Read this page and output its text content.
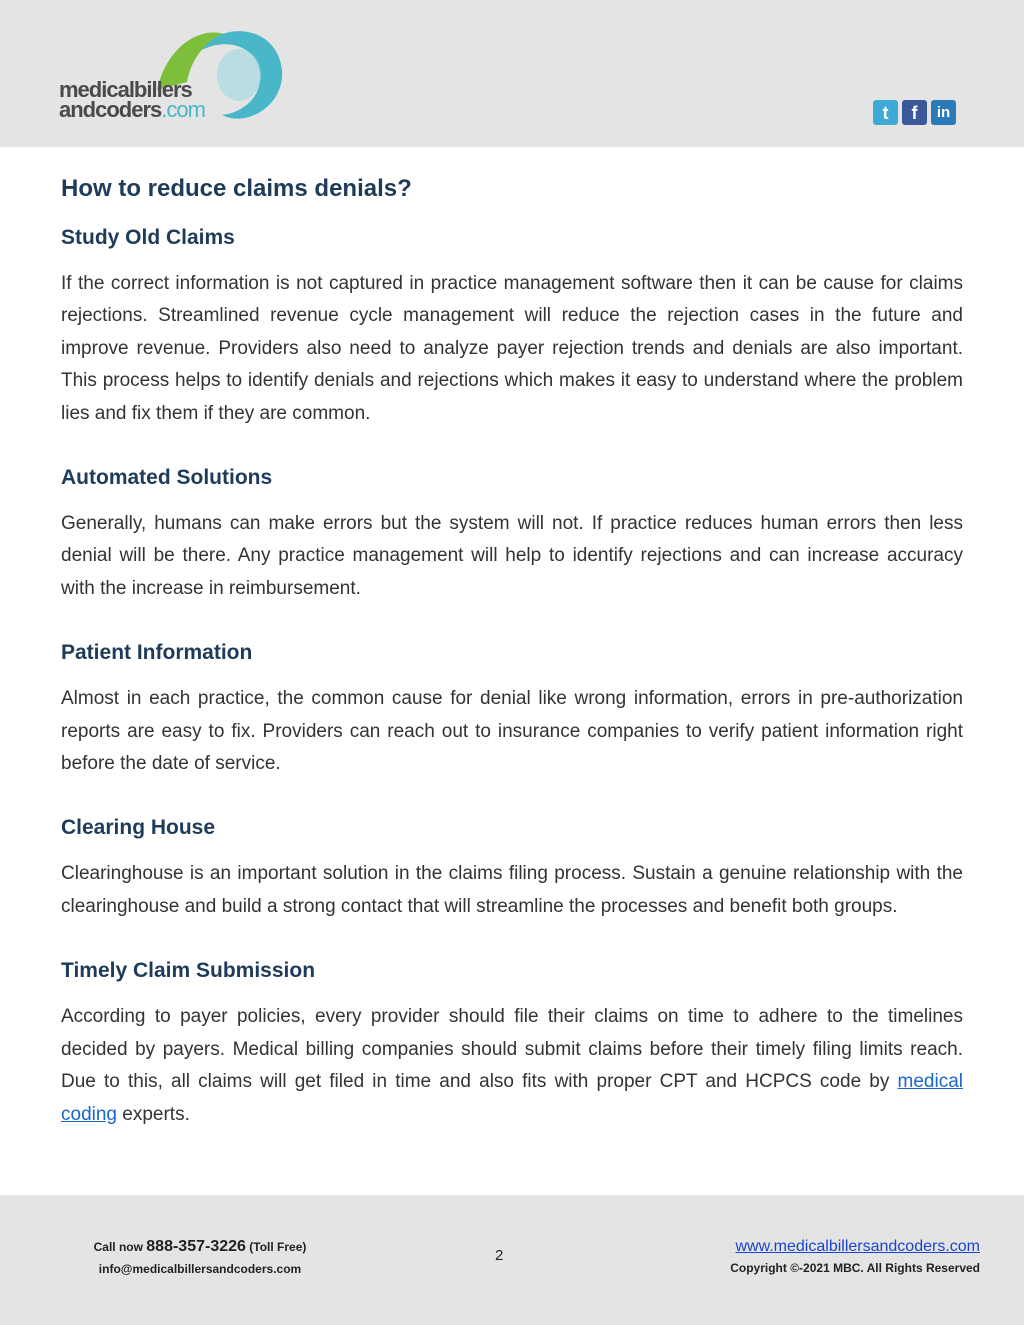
medicalbillers
andcoders.com	t	f	in
How to reduce claims denials?
Study Old Claims

If the correct information is not captured in practice management software then it can be cause for claims rejections. Streamlined revenue cycle management will reduce the rejection cases in the future and improve revenue. Providers also need to analyze payer rejection trends and denials are also important. This process helps to identify denials and rejections which makes it easy to understand where the problem lies and fix them if they are common.

Automated Solutions

Generally, humans can make errors but the system will not. If practice reduces human errors then less denial will be there. Any practice management will help to identify rejections and can increase accuracy with the increase in reimbursement.

Patient Information

Almost in each practice, the common cause for denial like wrong information, errors in pre-authorization reports are easy to fix. Providers can reach out to insurance companies to verify patient information right before the date of service.

Clearing House

Clearinghouse is an important solution in the claims filing process. Sustain a genuine relationship with the clearinghouse and build a strong contact that will streamline the processes and benefit both groups.

Timely Claim Submission

According to payer policies, every provider should file their claims on time to adhere to the timelines decided by payers. Medical billing companies should submit claims before their timely filing limits reach. Due to this, all claims will get filed in time and also fits with proper CPT and HCPCS code by medical coding experts.

Call now 888-357-3226 (Toll Free)
info@medicalbillersandcoders.com
2
www.medicalbillersandcoders.com
Copyright ©-2021 MBC. All Rights Reserved
